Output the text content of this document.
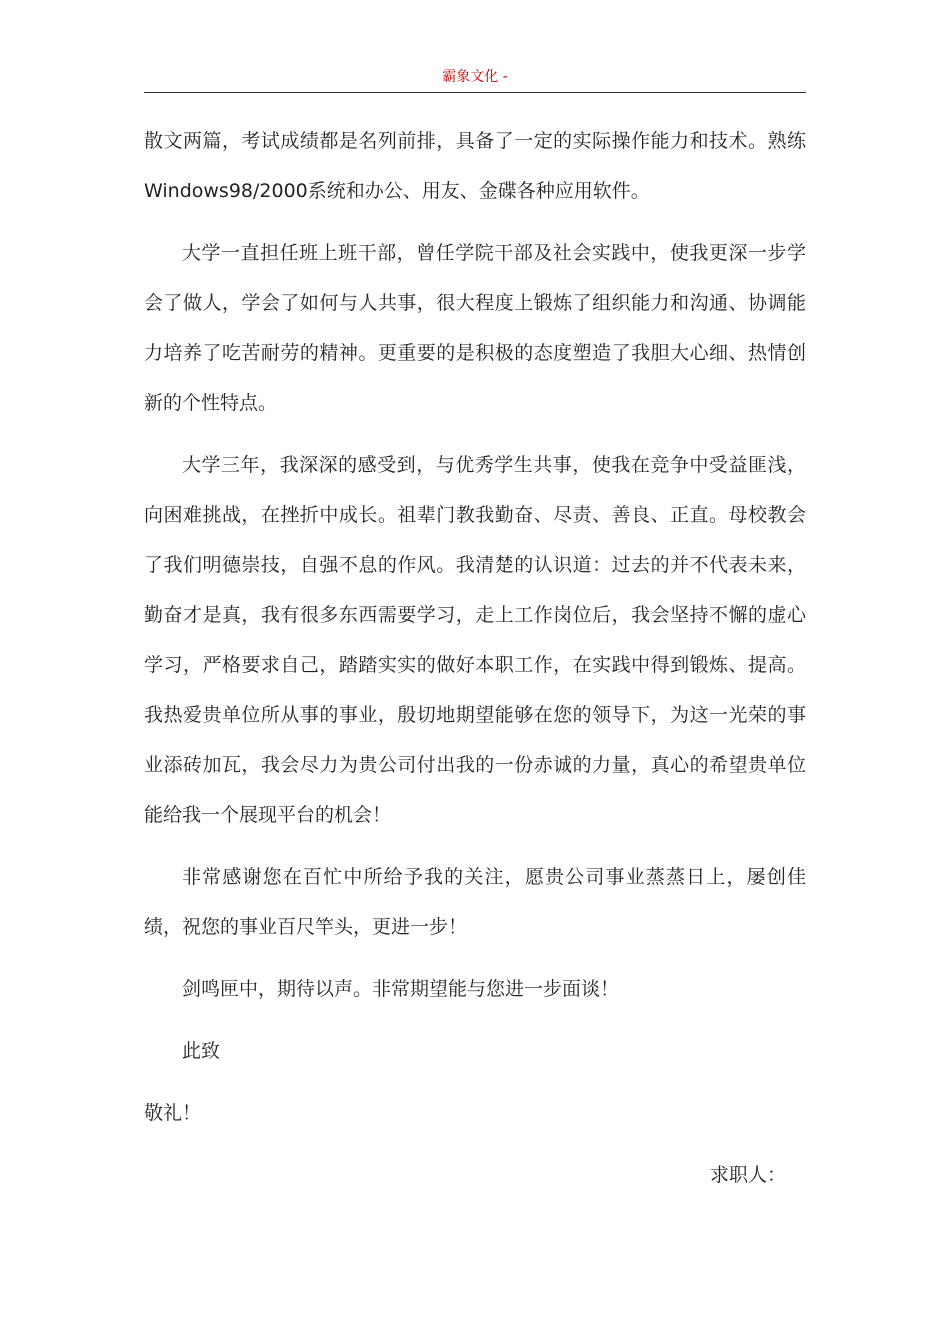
霸象文化 -

散文两篇，考试成绩都是名列前排，具备了一定的实际操作能力和技术。熟练Windows98/2000系统和办公、用友、金碟各种应用软件。

大学一直担任班上班干部，曾任学院干部及社会实践中，使我更深一步学会了做人，学会了如何与人共事，很大程度上锻炼了组织能力和沟通、协调能力培养了吃苦耐劳的精神。更重要的是积极的态度塑造了我胆大心细、热情创新的个性特点。

大学三年，我深深的感受到，与优秀学生共事，使我在竞争中受益匪浅，向困难挑战，在挫折中成长。祖辈门教我勤奋、尽责、善良、正直。母校教会了我们明德崇技，自强不息的作风。我清楚的认识道：过去的并不代表未来，勤奋才是真，我有很多东西需要学习，走上工作岗位后，我会坚持不懈的虚心学习，严格要求自己，踏踏实实的做好本职工作，在实践中得到锻炼、提高。我热爱贵单位所从事的事业，殷切地期望能够在您的领导下，为这一光荣的事业添砖加瓦，我会尽力为贵公司付出我的一份赤诚的力量，真心的希望贵单位能给我一个展现平台的机会！

非常感谢您在百忙中所给予我的关注，愿贵公司事业蒸蒸日上，屡创佳绩，祝您的事业百尺竿头，更进一步！

剑鸣匣中，期待以声。非常期望能与您进一步面谈！

此致

敬礼！

求职人：
